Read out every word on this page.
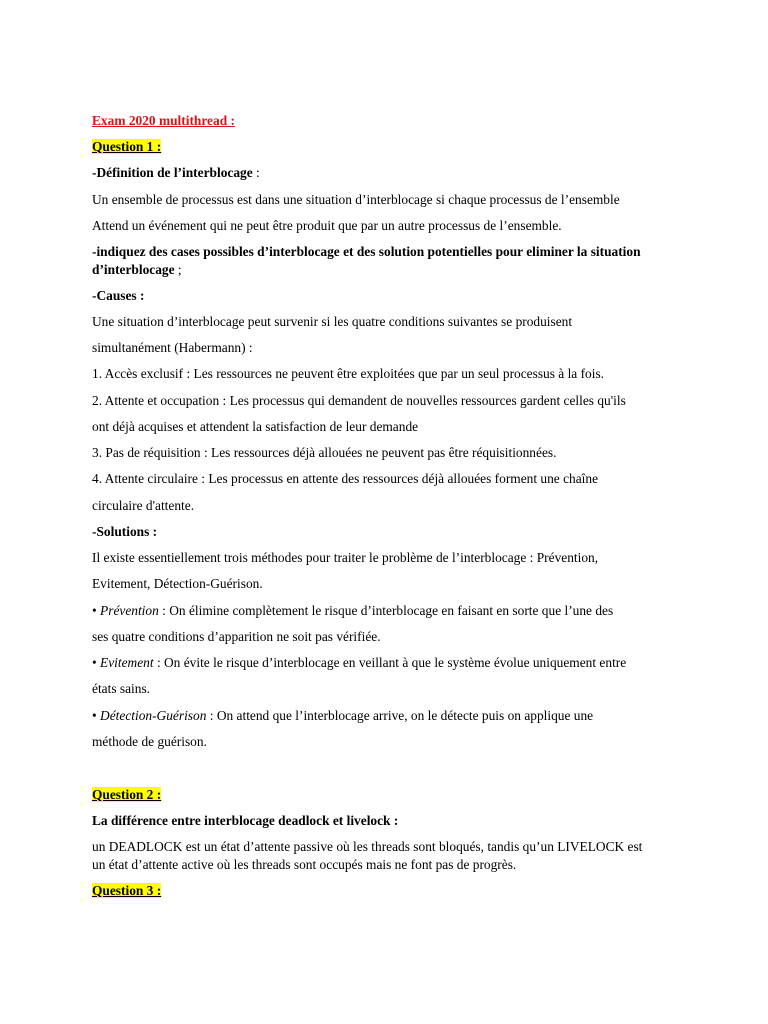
Exam 2020 multithread :
Question 1 :
-Définition de l’interblocage :
Un ensemble de processus est dans une situation d’interblocage si chaque processus de l’ensemble
Attend un événement qui ne peut être produit que par un autre processus de l’ensemble.
-indiquez des cases possibles d’interblocage et des solution potentielles pour eliminer la situation
d’interblocage ;
-Causes :
Une situation d’interblocage peut survenir si les quatre conditions suivantes se produisent
simultanément (Habermann) :
1. Accès exclusif : Les ressources ne peuvent être exploitées que par un seul processus à la fois.
2. Attente et occupation : Les processus qui demandent de nouvelles ressources gardent celles qu'ils
ont déjà acquises et attendent la satisfaction de leur demande
3. Pas de réquisition : Les ressources déjà allouées ne peuvent pas être réquisitionnées.
4. Attente circulaire : Les processus en attente des ressources déjà allouées forment une chaîne
circulaire d'attente.
-Solutions :
Il existe essentiellement trois méthodes pour traiter le problème de l’interblocage : Prévention,
Evitement, Détection-Guérison.
• Prévention : On élimine complètement le risque d’interblocage en faisant en sorte que l’une des
ses quatre conditions d’apparition ne soit pas vérifiée.
• Evitement : On évite le risque d’interblocage en veillant à que le système évolue uniquement entre
états sains.
• Détection-Guérison : On attend que l’interblocage arrive, on le détecte puis on applique une
méthode de guérison.
Question 2 :
La différence entre interblocage deadlock et livelock :
un DEADLOCK est un état d’attente passive où les threads sont bloqués, tandis qu’un LIVELOCK est
un état d’attente active où les threads sont occupés mais ne font pas de progrès.
Question 3 :
